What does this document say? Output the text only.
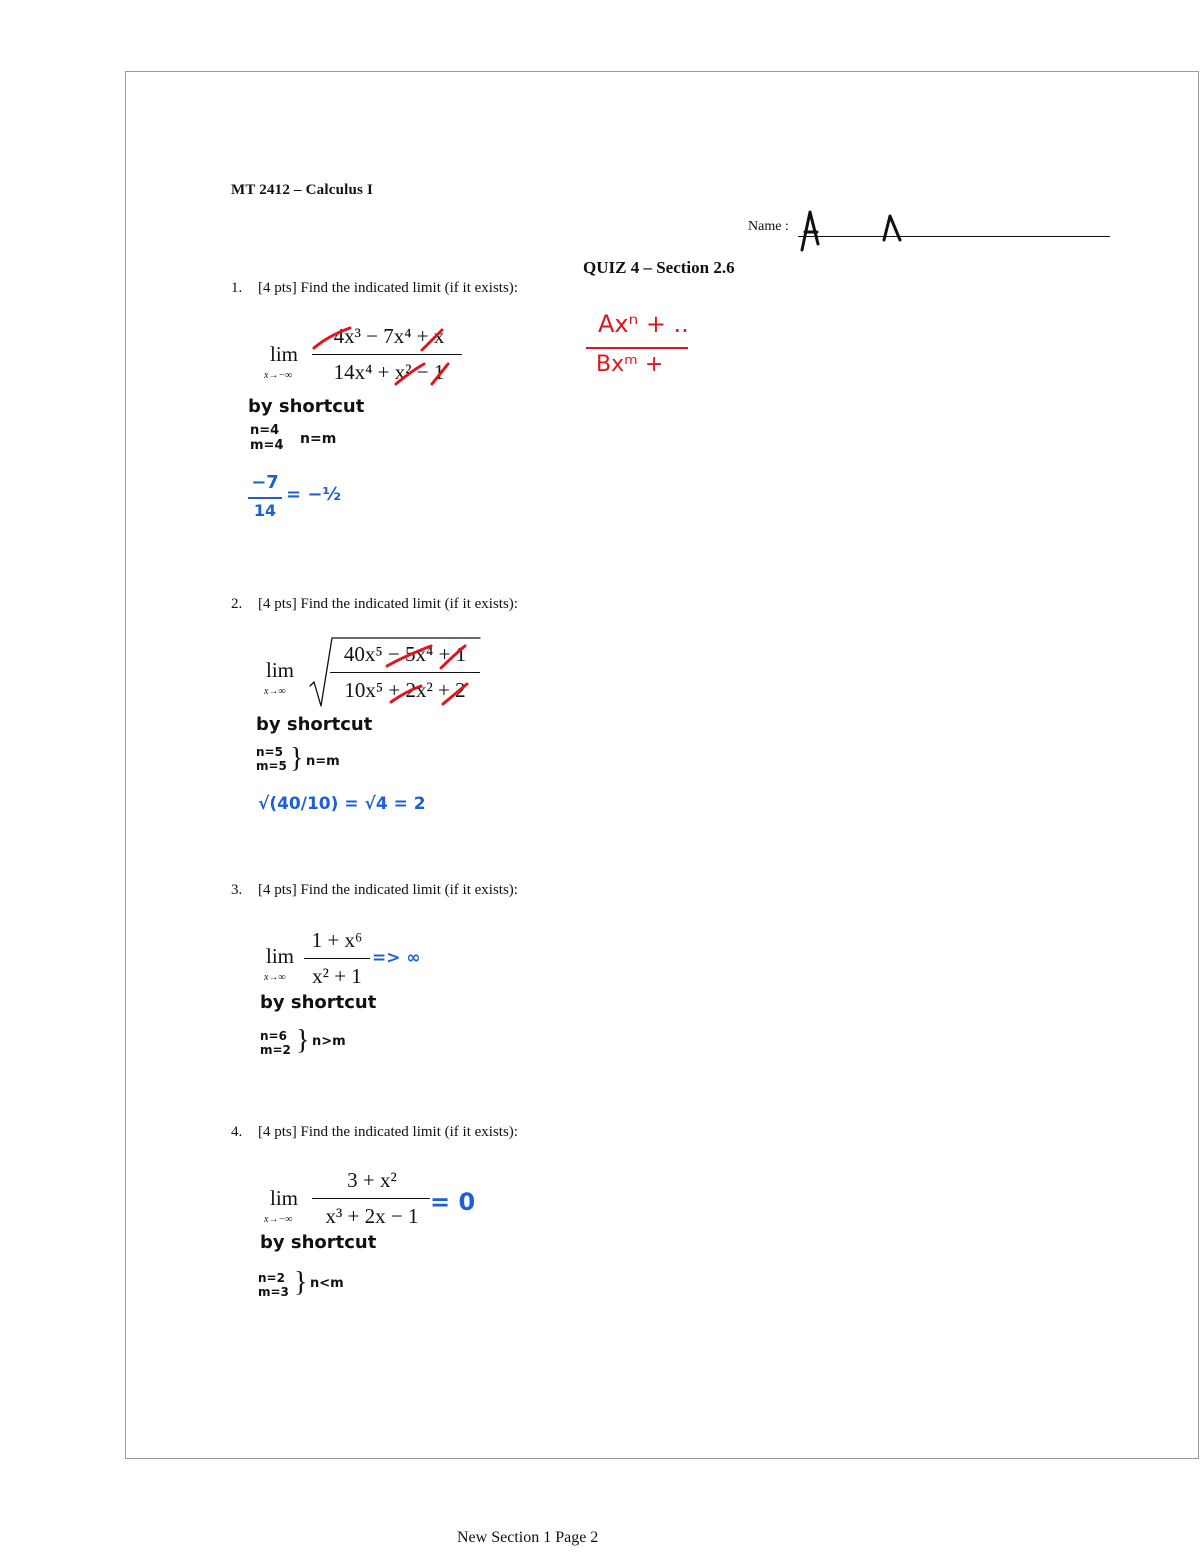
MT 2412 – Calculus I
QUIZ 4 – Section 2.6
Name :
Axⁿ + ..
Bxᵐ +
1. [4 pts] Find the indicated limit (if it exists):
lim
x→−∞
4x³ − 7x⁴ + x
14x⁴ + x² − 1
by shortcut
n=4
m=4 n=m
−7
14
= −½
2. [4 pts] Find the indicated limit (if it exists):
lim
x→∞
40x⁵ − 5x⁴ + 1
10x⁵ + 2x² + 2
by shortcut
n=5
m=5 } n=m
√(40/10) = √4 = 2
3. [4 pts] Find the indicated limit (if it exists):
lim
x→∞
1 + x⁶
x² + 1
=> ∞
by shortcut
n=6
m=2 } n>m
4. [4 pts] Find the indicated limit (if it exists):
lim
x→−∞
3 + x²
x³ + 2x − 1 = 0
by shortcut
n=2
m=3 } n<m
New Section 1 Page 2
